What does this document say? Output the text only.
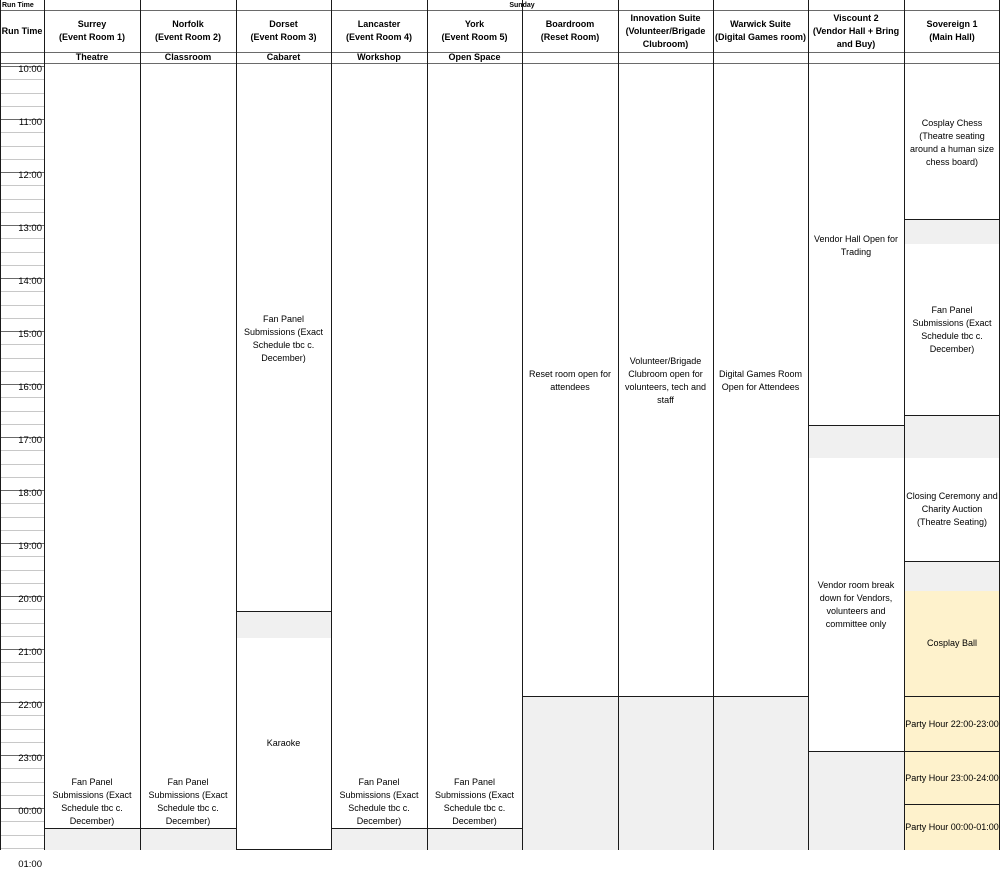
Run Time	Sunday
Run Time
Surrey
(Event Room 1)
Theatre
Norfolk
(Event Room 2)
Classroom
Dorset
(Event Room 3)
Cabaret
Lancaster
(Event Room 4)
Workshop
York
(Event Room 5)
Open Space
Boardroom
(Reset Room)
Innovation Suite
(Volunteer/Brigade Clubroom)
Warwick Suite
(Digital Games room)
Viscount 2
(Vendor Hall + Bring and Buy)
Sovereign 1
(Main Hall)
10:00
11:00
12:00
13:00
14:00
15:00
16:00
17:00
18:00
19:00
20:00
21:00
22:00
23:00
00:00
01:00
Fan Panel Submissions (Exact Schedule tbc c. December)
Karaoke
Fan Panel Submissions (Exact Schedule tbc c. December)
Fan Panel Submissions (Exact Schedule tbc c. December)
Fan Panel Submissions (Exact Schedule tbc c. December)
Fan Panel Submissions (Exact Schedule tbc c. December)
Reset room open for attendees
Volunteer/Brigade Clubroom open for volunteers, tech and staff
Digital Games Room Open for Attendees
Vendor Hall Open for Trading
Vendor room break down for Vendors, volunteers and committee only
Cosplay Chess (Theatre seating around a human size chess board)
Fan Panel Submissions (Exact Schedule tbc c. December)
Closing Ceremony and Charity Auction (Theatre Seating)
Cosplay Ball
Party Hour 22:00-23:00
Party Hour 23:00-24:00
Party Hour 00:00-01:00
